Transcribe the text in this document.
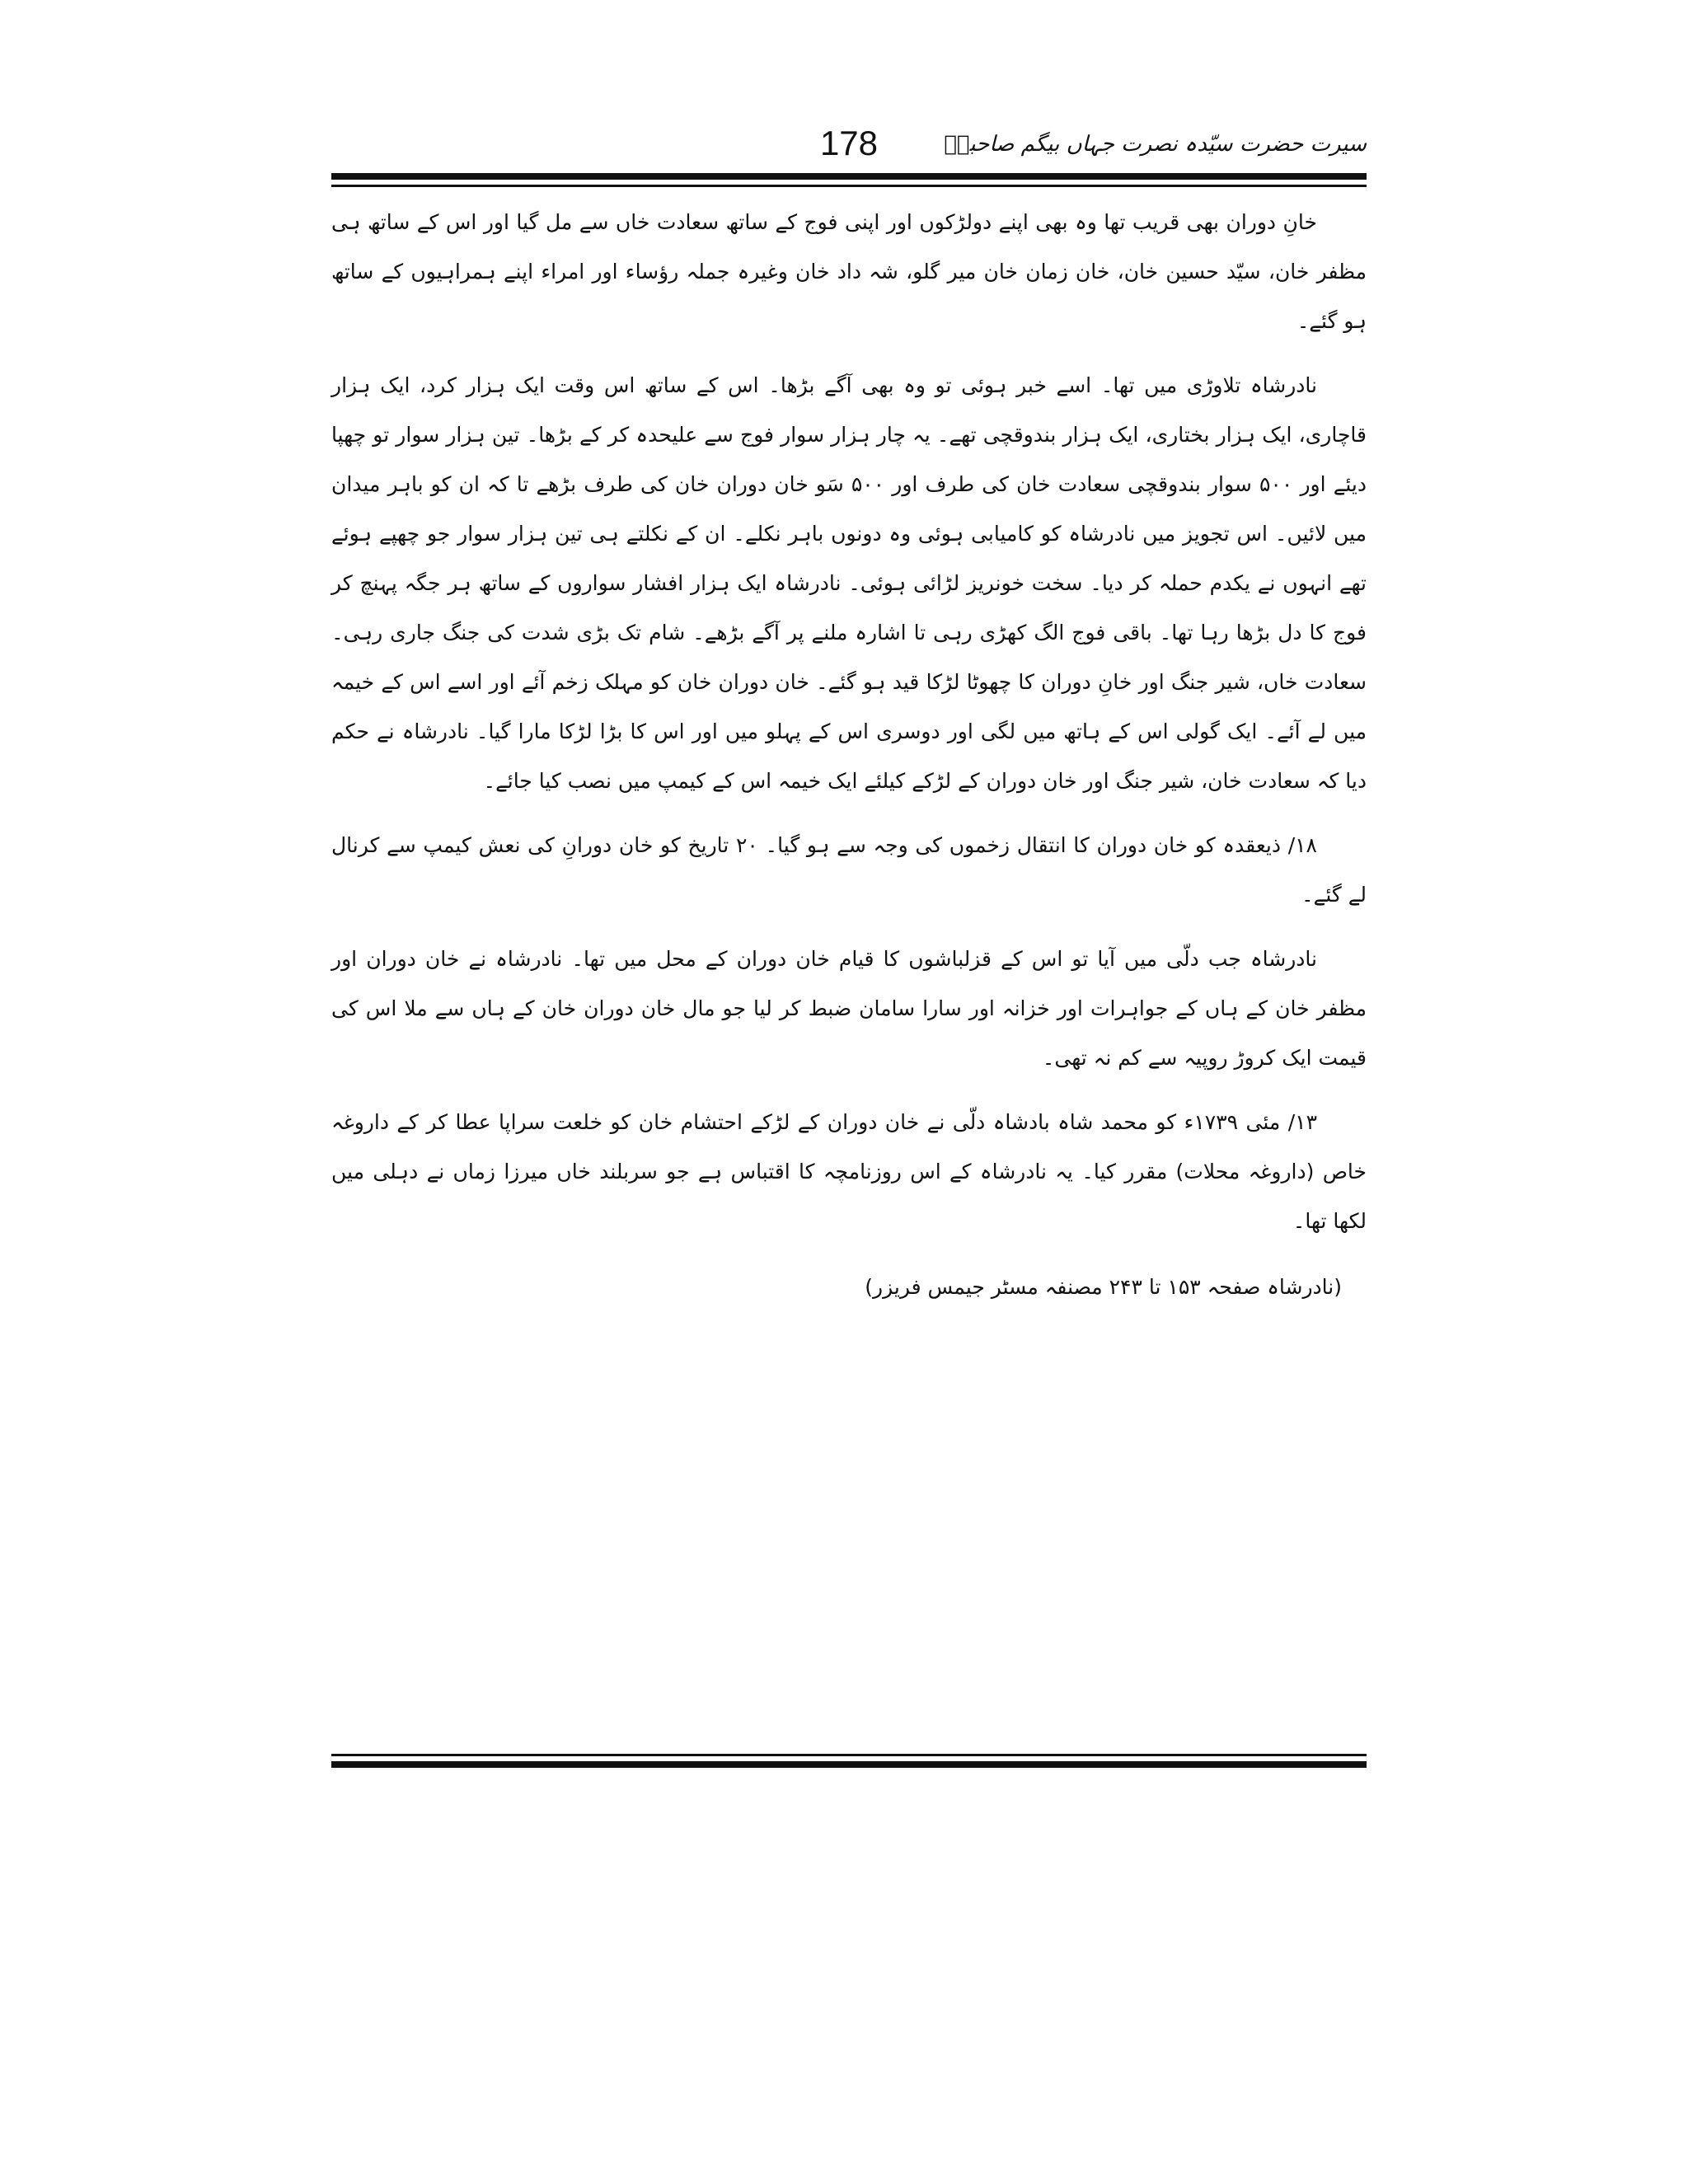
178	سیرت حضرت سیّدہ نصرت جہاں بیگم صاحبہؓ

خانِ دوران بھی قریب تھا وہ بھی اپنے دولڑکوں اور اپنی فوج کے ساتھ سعادت خاں سے مل گیا اور اس کے ساتھ ہی مظفر خان، سیّد حسین خان، خان زمان خان میر گلو، شہ داد خان وغیرہ جملہ رؤساء اور امراء اپنے ہمراہیوں کے ساتھ ہو گئے۔

نادرشاہ تلاوڑی میں تھا۔ اسے خبر ہوئی تو وہ بھی آگے بڑھا۔ اس کے ساتھ اس وقت ایک ہزار کرد، ایک ہزار قاچاری، ایک ہزار بختاری، ایک ہزار بندوقچی تھے۔ یہ چار ہزار سوار فوج سے علیحدہ کر کے بڑھا۔ تین ہزار سوار تو چھپا دیئے اور ۵۰۰ سوار بندوقچی سعادت خان کی طرف اور ۵۰۰ سَو خان دوران خان کی طرف بڑھے تا کہ ان کو باہر میدان میں لائیں۔ اس تجویز میں نادرشاہ کو کامیابی ہوئی وہ دونوں باہر نکلے۔ ان کے نکلتے ہی تین ہزار سوار جو چھپے ہوئے تھے انہوں نے یکدم حملہ کر دیا۔ سخت خونریز لڑائی ہوئی۔ نادرشاہ ایک ہزار افشار سواروں کے ساتھ ہر جگہ پہنچ کر فوج کا دل بڑھا رہا تھا۔ باقی فوج الگ کھڑی رہی تا اشارہ ملنے پر آگے بڑھے۔ شام تک بڑی شدت کی جنگ جاری رہی۔ سعادت خاں، شیر جنگ اور خانِ دوران کا چھوٹا لڑکا قید ہو گئے۔ خان دوران خان کو مہلک زخم آئے اور اسے اس کے خیمہ میں لے آئے۔ ایک گولی اس کے ہاتھ میں لگی اور دوسری اس کے پہلو میں اور اس کا بڑا لڑکا مارا گیا۔ نادرشاہ نے حکم دیا کہ سعادت خان، شیر جنگ اور خان دوران کے لڑکے کیلئے ایک خیمہ اس کے کیمپ میں نصب کیا جائے۔

۱۸/ ذیعقدہ کو خان دوران کا انتقال زخموں کی وجہ سے ہو گیا۔ ۲۰ تاریخ کو خان دورانِ کی نعش کیمپ سے کرنال لے گئے۔

نادرشاہ جب دلّی میں آیا تو اس کے قزلباشوں کا قیام خان دوران کے محل میں تھا۔ نادرشاہ نے خان دوران اور مظفر خان کے ہاں کے جواہرات اور خزانہ اور سارا سامان ضبط کر لیا جو مال خان دوران خان کے ہاں سے ملا اس کی قیمت ایک کروڑ روپیہ سے کم نہ تھی۔

۱۳/ مئی ۱۷۳۹ء کو محمد شاہ بادشاہ دلّی نے خان دوران کے لڑکے احتشام خان کو خلعت سراپا عطا کر کے داروغہ خاص (داروغہ محلات) مقرر کیا۔ یہ نادرشاہ کے اس روزنامچہ کا اقتباس ہے جو سربلند خاں میرزا زماں نے دہلی میں لکھا تھا۔

(نادرشاہ صفحہ ۱۵۳ تا ۲۴۳ مصنفہ مسٹر جیمس فریزر)
